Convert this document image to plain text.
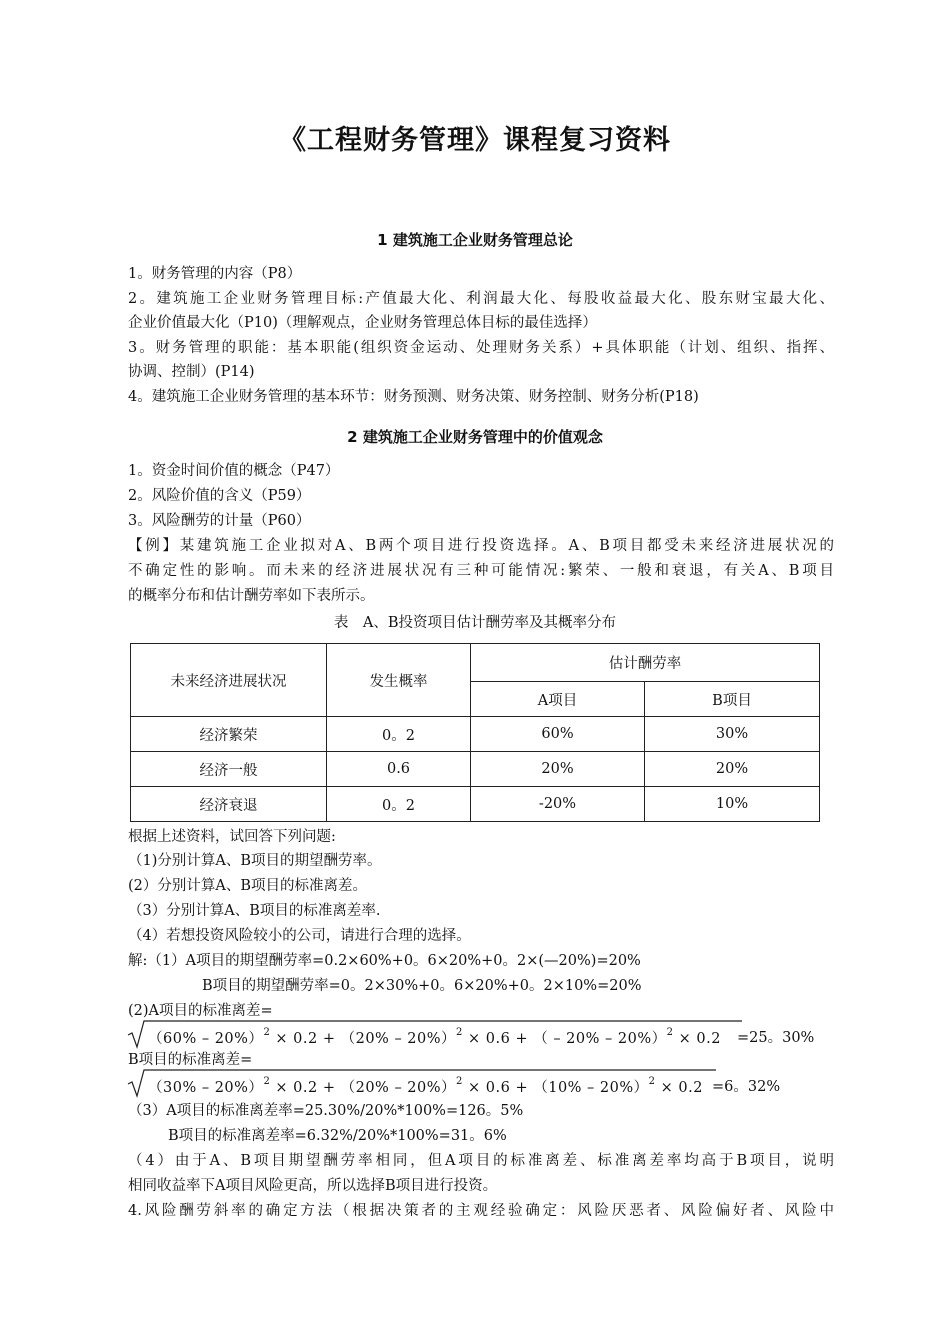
《工程财务管理》课程复习资料
1 建筑施工企业财务管理总论
1。财务管理的内容（P8）
2。建筑施工企业财务管理目标:产值最大化、利润最大化、每股收益最大化、股东财宝最大化、
企业价值最大化（P10)（理解观点，企业财务管理总体目标的最佳选择）
3。财务管理的职能：基本职能(组织资金运动、处理财务关系）+具体职能（计划、组织、指挥、
协调、控制）(P14)
4。建筑施工企业财务管理的基本环节：财务预测、财务决策、财务控制、财务分析(P18)
2 建筑施工企业财务管理中的价值观念
1。资金时间价值的概念（P47）
2。风险价值的含义（P59）
3。风险酬劳的计量（P60）
【例】某建筑施工企业拟对A、B两个项目进行投资选择。A、B项目都受未来经济进展状况的
不确定性的影响。而未来的经济进展状况有三种可能情况:繁荣、一般和衰退，有关A、B项目
的概率分布和估计酬劳率如下表所示。
表　A、B投资项目估计酬劳率及其概率分布
未来经济进展状况	发生概率	估计酬劳率	
		A项目	B项目
经济繁荣	0。2	60%	30%
经济一般	0.6	20%	20%
经济衰退	0。2	-20%	10%
根据上述资料，试回答下列问题:
（1)分别计算A、B项目的期望酬劳率。
(2）分别计算A、B项目的标准离差。
（3）分别计算A、B项目的标准离差率.
（4）若想投资风险较小的公司，请进行合理的选择。
解:（1）A项目的期望酬劳率=0.2×60%+0。6×20%+0。2×(—20%)=20%
B项目的期望酬劳率=0。2×30%+0。6×20%+0。2×10%=20%
(2)A项目的标准离差=
（60% – 20%）$^2$ × 0.2 + （20% – 20%）$^2$ × 0.6 + （ – 20% – 20%）$^2$ × 0.2 =25。30%
B项目的标准离差=
（30% – 20%）$^2$ × 0.2 + （20% – 20%）$^2$ × 0.6 + （10% – 20%）$^2$ × 0.2 =6。32%
（3）A项目的标准离差率=25.30%/20%*100%=126。5%
B项目的标准离差率=6.32%/20%*100%=31。6%
（4）由于A、B项目期望酬劳率相同，但A项目的标准离差、标准离差率均高于B项目，说明
相同收益率下A项目风险更高，所以选择B项目进行投资。
4.风险酬劳斜率的确定方法（根据决策者的主观经验确定：风险厌恶者、风险偏好者、风险中
